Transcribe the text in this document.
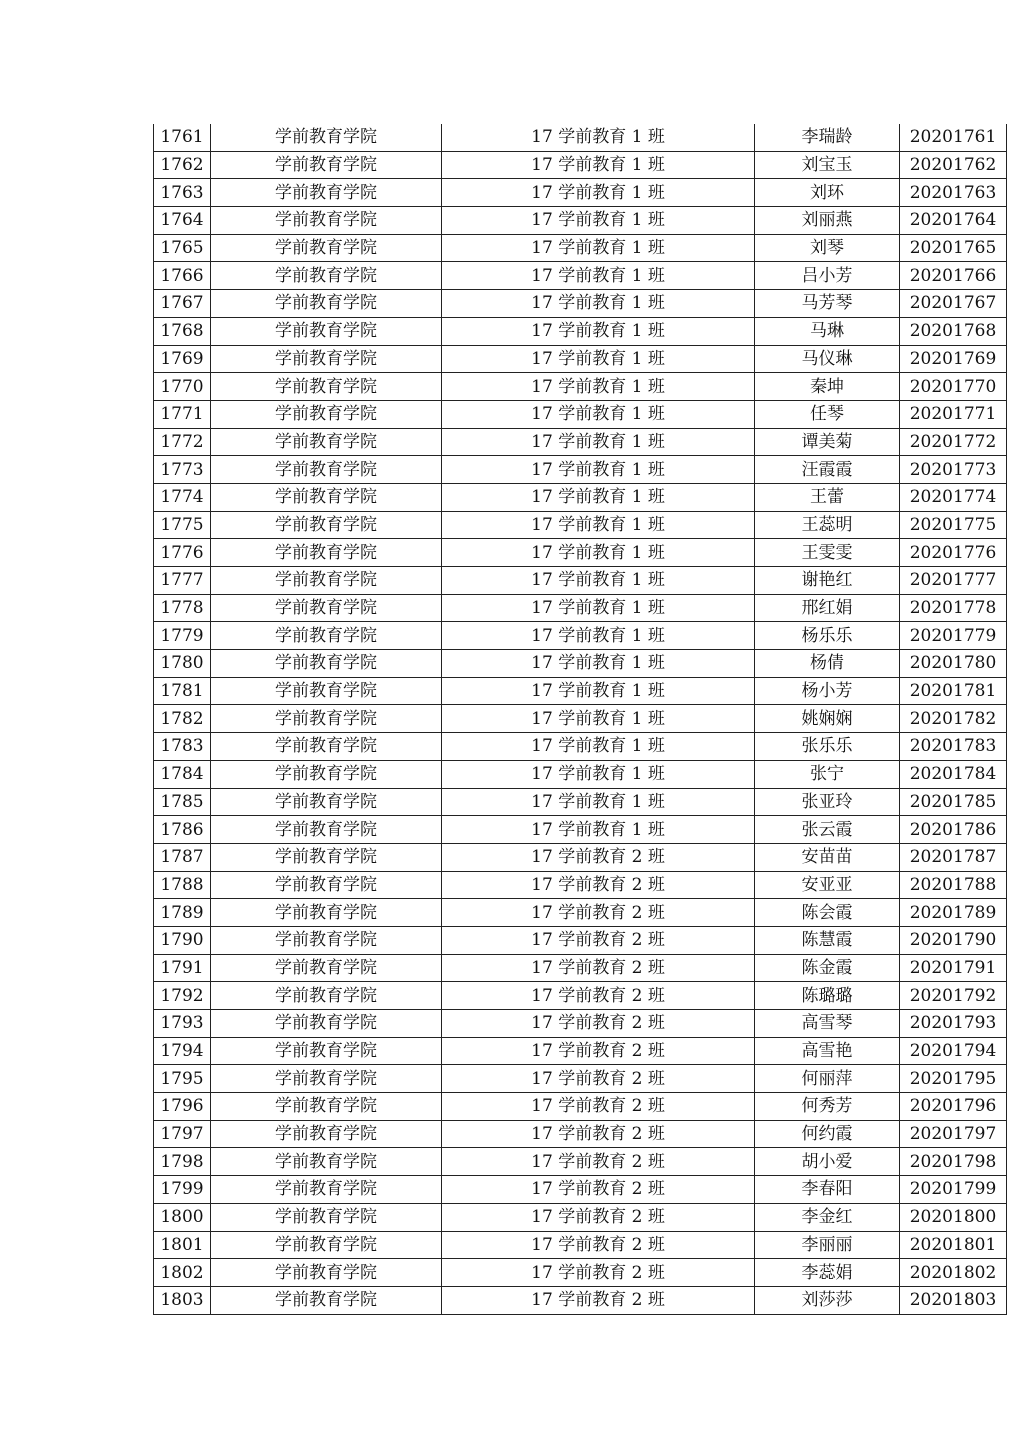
1761	学前教育学院	17 学前教育 1 班	李瑞龄	20201761
1762	学前教育学院	17 学前教育 1 班	刘宝玉	20201762
1763	学前教育学院	17 学前教育 1 班	刘环	20201763
1764	学前教育学院	17 学前教育 1 班	刘丽燕	20201764
1765	学前教育学院	17 学前教育 1 班	刘琴	20201765
1766	学前教育学院	17 学前教育 1 班	吕小芳	20201766
1767	学前教育学院	17 学前教育 1 班	马芳琴	20201767
1768	学前教育学院	17 学前教育 1 班	马琳	20201768
1769	学前教育学院	17 学前教育 1 班	马仪琳	20201769
1770	学前教育学院	17 学前教育 1 班	秦坤	20201770
1771	学前教育学院	17 学前教育 1 班	任琴	20201771
1772	学前教育学院	17 学前教育 1 班	谭美菊	20201772
1773	学前教育学院	17 学前教育 1 班	汪霞霞	20201773
1774	学前教育学院	17 学前教育 1 班	王蕾	20201774
1775	学前教育学院	17 学前教育 1 班	王蕊明	20201775
1776	学前教育学院	17 学前教育 1 班	王雯雯	20201776
1777	学前教育学院	17 学前教育 1 班	谢艳红	20201777
1778	学前教育学院	17 学前教育 1 班	邢红娟	20201778
1779	学前教育学院	17 学前教育 1 班	杨乐乐	20201779
1780	学前教育学院	17 学前教育 1 班	杨倩	20201780
1781	学前教育学院	17 学前教育 1 班	杨小芳	20201781
1782	学前教育学院	17 学前教育 1 班	姚娴娴	20201782
1783	学前教育学院	17 学前教育 1 班	张乐乐	20201783
1784	学前教育学院	17 学前教育 1 班	张宁	20201784
1785	学前教育学院	17 学前教育 1 班	张亚玲	20201785
1786	学前教育学院	17 学前教育 1 班	张云霞	20201786
1787	学前教育学院	17 学前教育 2 班	安苗苗	20201787
1788	学前教育学院	17 学前教育 2 班	安亚亚	20201788
1789	学前教育学院	17 学前教育 2 班	陈会霞	20201789
1790	学前教育学院	17 学前教育 2 班	陈慧霞	20201790
1791	学前教育学院	17 学前教育 2 班	陈金霞	20201791
1792	学前教育学院	17 学前教育 2 班	陈璐璐	20201792
1793	学前教育学院	17 学前教育 2 班	高雪琴	20201793
1794	学前教育学院	17 学前教育 2 班	高雪艳	20201794
1795	学前教育学院	17 学前教育 2 班	何丽萍	20201795
1796	学前教育学院	17 学前教育 2 班	何秀芳	20201796
1797	学前教育学院	17 学前教育 2 班	何约霞	20201797
1798	学前教育学院	17 学前教育 2 班	胡小爱	20201798
1799	学前教育学院	17 学前教育 2 班	李春阳	20201799
1800	学前教育学院	17 学前教育 2 班	李金红	20201800
1801	学前教育学院	17 学前教育 2 班	李丽丽	20201801
1802	学前教育学院	17 学前教育 2 班	李蕊娟	20201802
1803	学前教育学院	17 学前教育 2 班	刘莎莎	20201803
